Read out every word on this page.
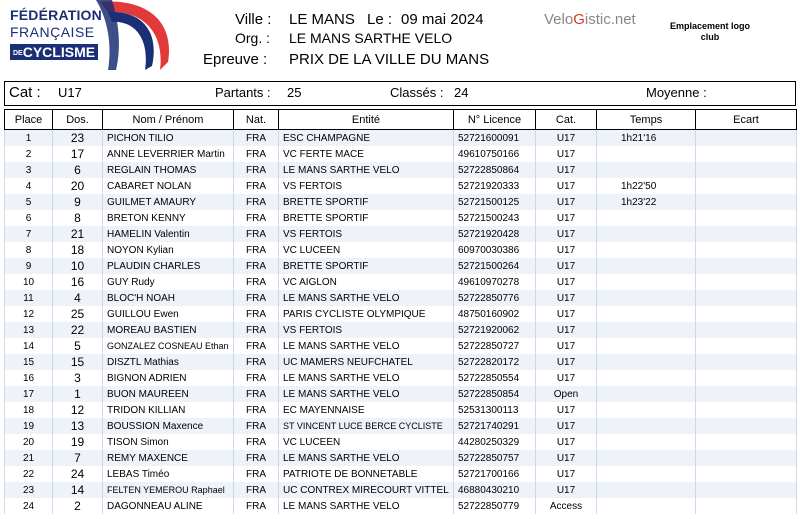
FÉDÉRATION
FRANÇAISE
DECYCLISME
Ville : LE MANS Le : 09 mai 2024
Org. : LE MANS SARTHE VELO
Epreuve : PRIX DE LA VILLE DU MANS
VeloGistic.net	Emplacement logo club
Cat : U17	Partants : 25	Classés : 24	Moyenne :
Place	Dos.	Nom / Prénom	Nat.	Entité	N° Licence	Cat.	Temps	Ecart
1	23	PICHON TILIO	FRA	ESC CHAMPAGNE	52721600091	U17	1h21'16	
2	17	ANNE LEVERRIER Martin	FRA	VC FERTE MACE	49610750166	U17		
3	6	REGLAIN THOMAS	FRA	LE MANS SARTHE VELO	52722850864	U17		
4	20	CABARET NOLAN	FRA	VS FERTOIS	52721920333	U17	1h22'50	
5	9	GUILMET AMAURY	FRA	BRETTE SPORTIF	52721500125	U17	1h23'22	
6	8	BRETON KENNY	FRA	BRETTE SPORTIF	52721500243	U17		
7	21	HAMELIN Valentin	FRA	VS FERTOIS	52721920428	U17		
8	18	NOYON Kylian	FRA	VC LUCEEN	60970030386	U17		
9	10	PLAUDIN CHARLES	FRA	BRETTE SPORTIF	52721500264	U17		
10	16	GUY Rudy	FRA	VC AIGLON	49610970278	U17		
11	4	BLOC'H NOAH	FRA	LE MANS SARTHE VELO	52722850776	U17		
12	25	GUILLOU Ewen	FRA	PARIS CYCLISTE OLYMPIQUE	48750160902	U17		
13	22	MOREAU BASTIEN	FRA	VS FERTOIS	52721920062	U17		
14	5	GONZALEZ COSNEAU Ethan	FRA	LE MANS SARTHE VELO	52722850727	U17		
15	15	DISZTL Mathias	FRA	UC MAMERS NEUFCHATEL	52722820172	U17		
16	3	BIGNON ADRIEN	FRA	LE MANS SARTHE VELO	52722850554	U17		
17	1	BUON MAUREEN	FRA	LE MANS SARTHE VELO	52722850854	Open		
18	12	TRIDON KILLIAN	FRA	EC MAYENNAISE	52531300113	U17		
19	13	BOUSSION Maxence	FRA	ST VINCENT LUCE BERCE CYCLISTE	52721740291	U17		
20	19	TISON Simon	FRA	VC LUCEEN	44280250329	U17		
21	7	REMY MAXENCE	FRA	LE MANS SARTHE VELO	52722850757	U17		
22	24	LEBAS Timéo	FRA	PATRIOTE DE BONNETABLE	52721700166	U17		
23	14	FELTEN YEMEROU Raphael	FRA	UC CONTREX MIRECOURT VITTEL	46880430210	U17		
24	2	DAGONNEAU ALINE	FRA	LE MANS SARTHE VELO	52722850779	Access		
